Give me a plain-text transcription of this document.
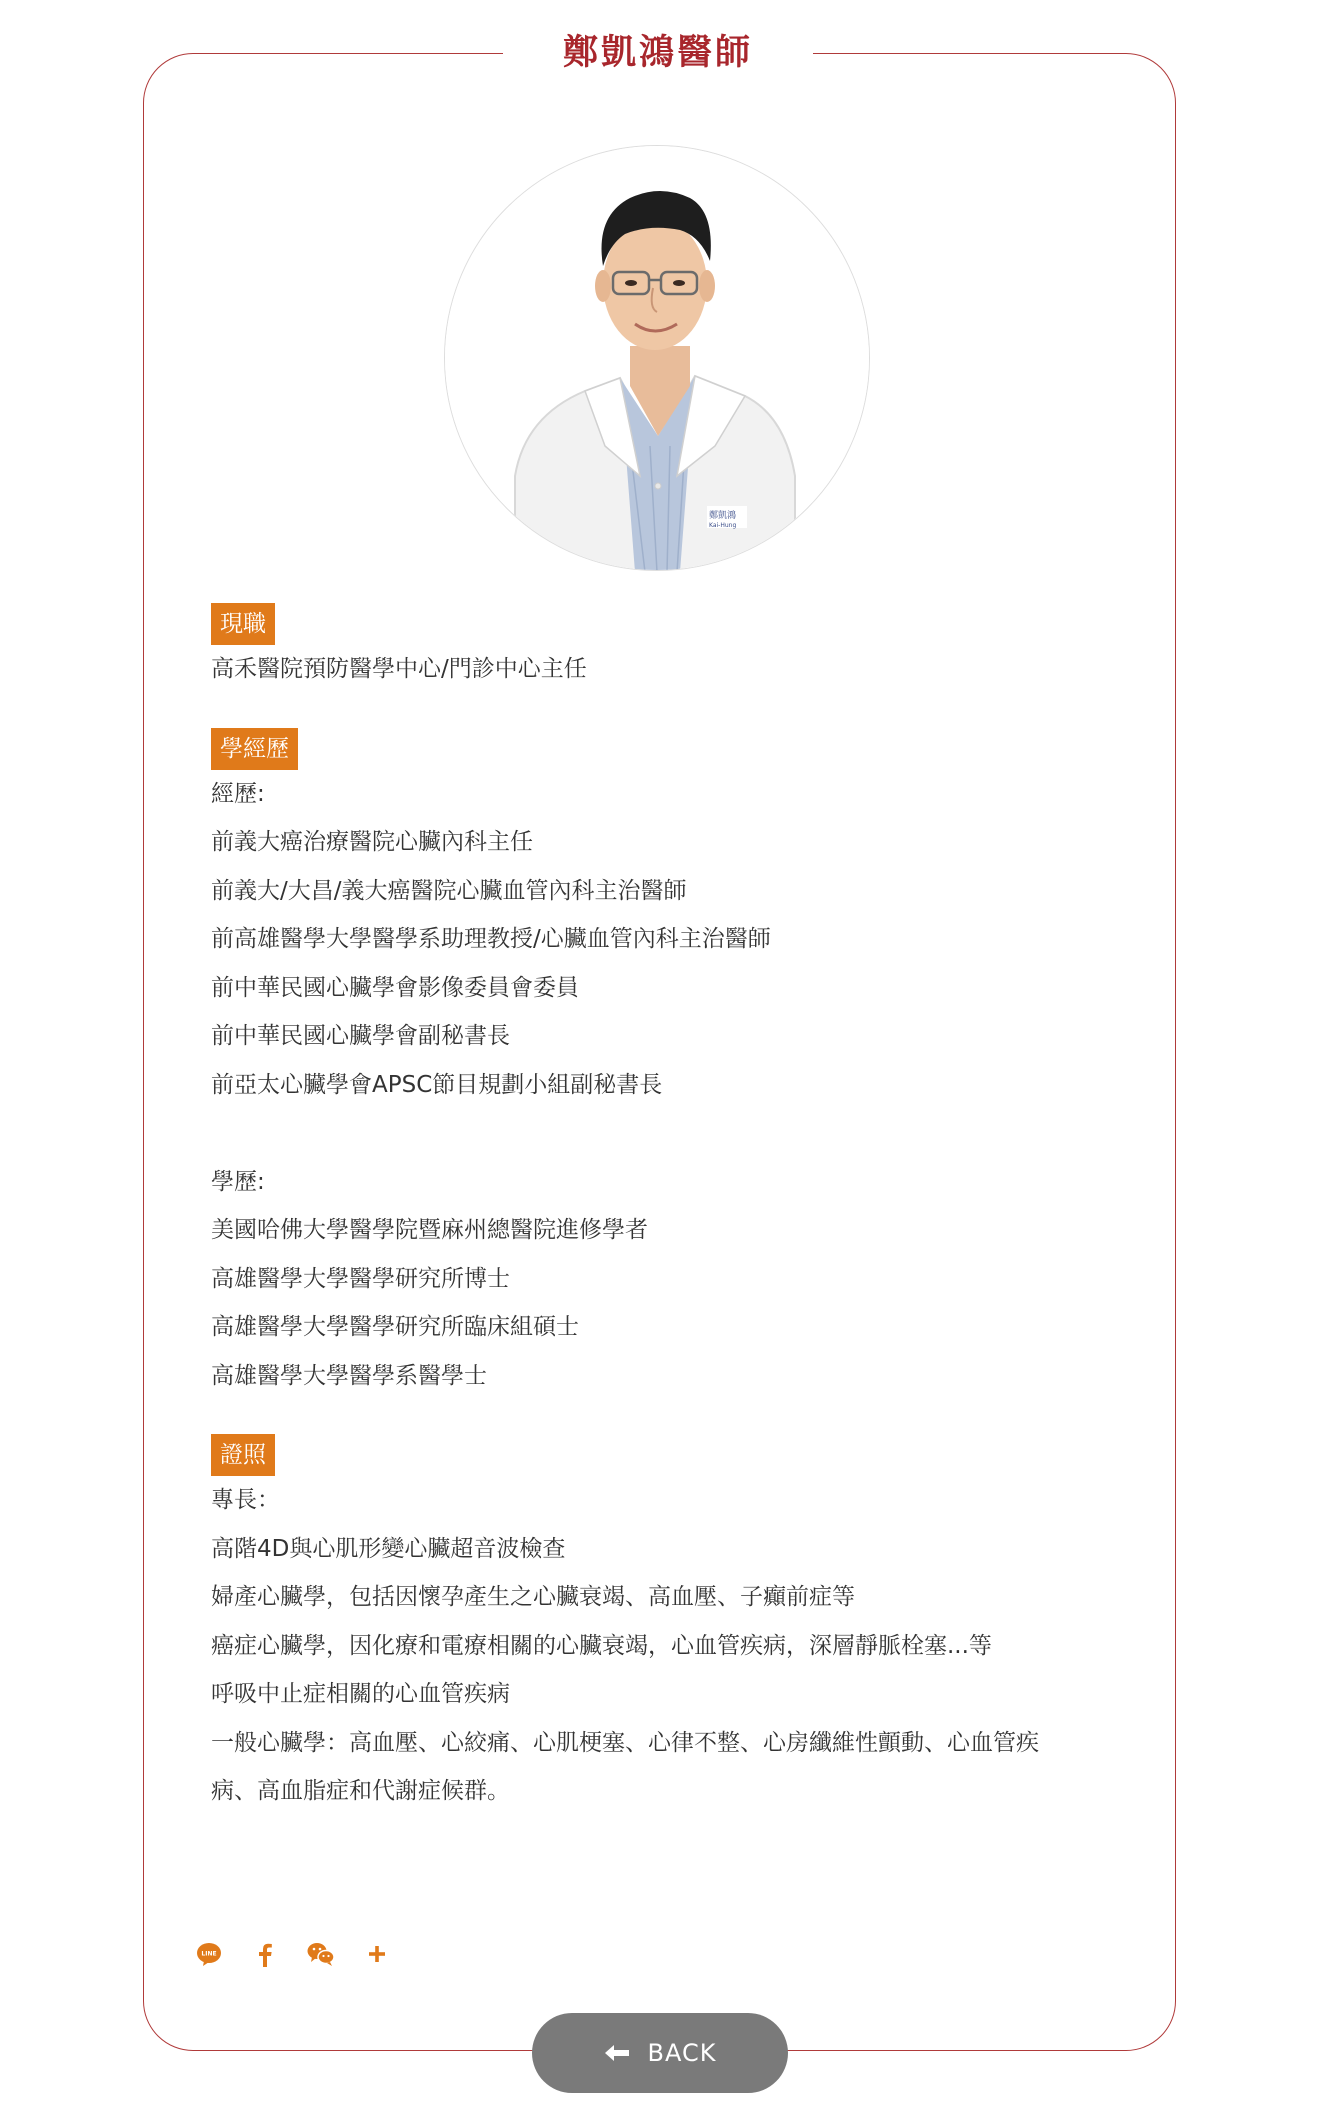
鄭凱鴻醫師
鄭凱鴻
Kai-Hung
現職
高禾醫院預防醫學中心/門診中心主任
學經歷
經歷:
前義大癌治療醫院心臟內科主任
前義大/大昌/義大癌醫院心臟血管內科主治醫師
前高雄醫學大學醫學系助理教授/心臟血管內科主治醫師
前中華民國心臟學會影像委員會委員
前中華民國心臟學會副秘書長
前亞太心臟學會APSC節目規劃小組副秘書長
學歷:
美國哈佛大學醫學院暨麻州總醫院進修學者
高雄醫學大學醫學研究所博士
高雄醫學大學醫學研究所臨床組碩士
高雄醫學大學醫學系醫學士
證照
專長：
高階4D與心肌形變心臟超音波檢查
婦產心臟學，包括因懷孕產生之心臟衰竭、高血壓、子癲前症等
癌症心臟學，因化療和電療相關的心臟衰竭，心血管疾病，深層靜脈栓塞...等
呼吸中止症相關的心血管疾病
一般心臟學：高血壓、心絞痛、心肌梗塞、心律不整、心房纖維性顫動、心血管疾
病、高血脂症和代謝症候群。
LINE
BACK
